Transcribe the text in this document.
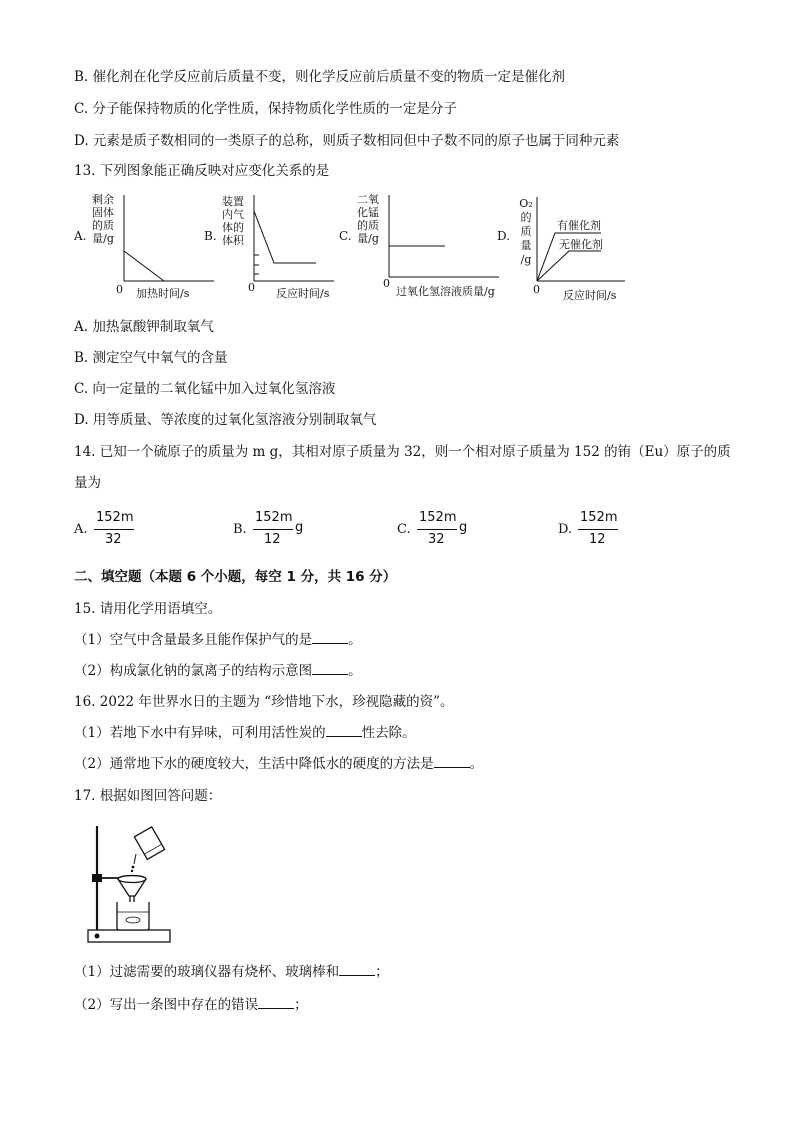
B. 催化剂在化学反应前后质量不变，则化学反应前后质量不变的物质一定是催化剂
C. 分子能保持物质的化学性质，保持物质化学性质的一定是分子
D. 元素是质子数相同的一类原子的总称，则质子数相同但中子数不同的原子也属于同种元素
13. 下列图象能正确反映对应变化关系的是
A.
剩余
固体
的质
量/g
0 加热时间/s
B.
装置
内气
体的
体积
0 反应时间/s
C.
二氧
化锰
的质
量/g
0
过氧化氢溶液质量/g
D.
O₂
的
质
量
/g
有催化剂
无催化剂
0 反应时间/s
A. 加热氯酸钾制取氧气
B. 测定空气中氧气的含量
C. 向一定量的二氧化锰中加入过氧化氢溶液
D. 用等质量、等浓度的过氧化氢溶液分别制取氧气
14. 已知一个硫原子的质量为 m g，其相对原子质量为 32，则一个相对原子质量为 152 的铕（Eu）原子的质
量为
A.
152m
32
B.
152m
12
g	C.
152m
32
g	D.
152m
12
二、填空题（本题 6 个小题，每空 1 分，共 16 分）
15. 请用化学用语填空。
（1）空气中含量最多且能作保护气的是	。
（2）构成氯化钠的氯离子的结构示意图	。
16. 2022 年世界水日的主题为 “珍惜地下水，珍视隐藏的资”。
（1）若地下水中有异味，可利用活性炭的	性去除。
（2）通常地下水的硬度较大，生活中降低水的硬度的方法是	。
17. 根据如图回答问题：
（1）过滤需要的玻璃仪器有烧杯、玻璃棒和	；
（2）写出一条图中存在的错误	；
